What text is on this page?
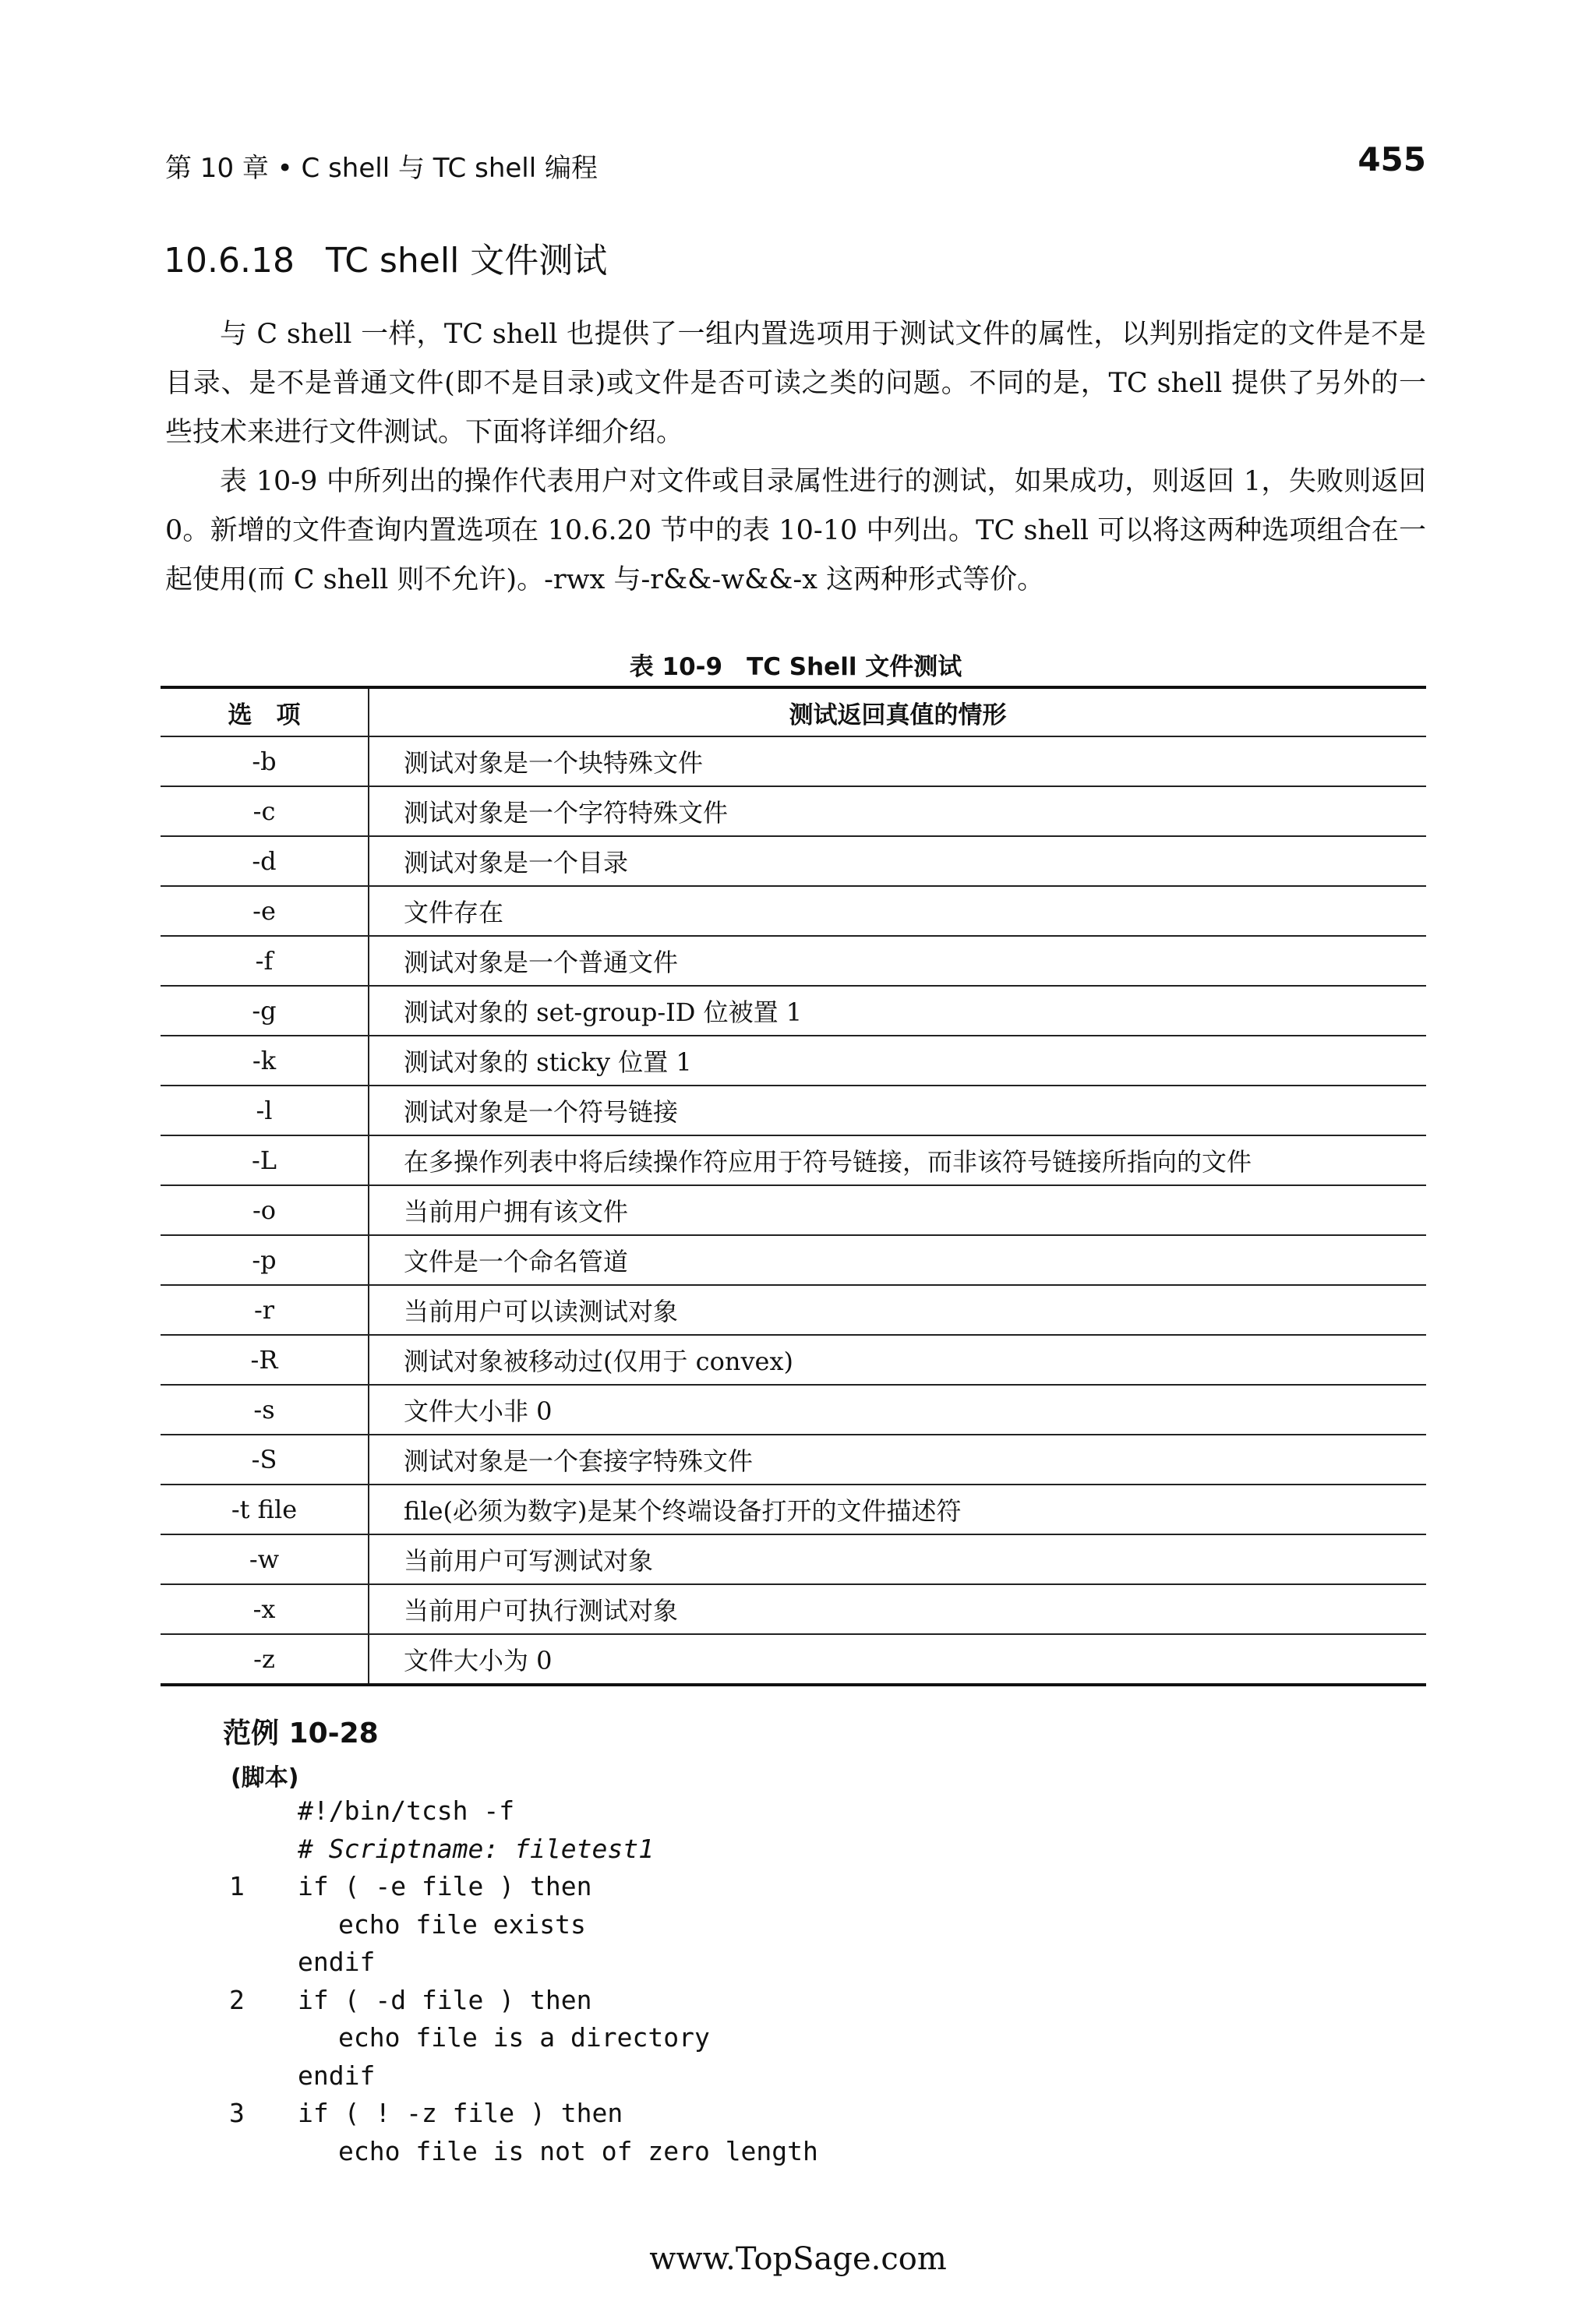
第 10 章 • C shell 与 TC shell 编程	455
10.6.18 TC shell 文件测试

与 C shell 一样，TC shell 也提供了一组内置选项用于测试文件的属性，以判别指定的文件是不是目录、是不是普通文件(即不是目录)或文件是否可读之类的问题。不同的是，TC shell 提供了另外的一些技术来进行文件测试。下面将详细介绍。

表 10-9 中所列出的操作代表用户对文件或目录属性进行的测试，如果成功，则返回 1，失败则返回 0。新增的文件查询内置选项在 10.6.20 节中的表 10-10 中列出。TC shell 可以将这两种选项组合在一起使用(而 C shell 则不允许)。-rwx 与-r&&-w&&-x 这两种形式等价。

表 10-9　TC Shell 文件测试
选　项	测试返回真值的情形
-b	测试对象是一个块特殊文件
-c	测试对象是一个字符特殊文件
-d	测试对象是一个目录
-e	文件存在
-f	测试对象是一个普通文件
-g	测试对象的 set-group-ID 位被置 1
-k	测试对象的 sticky 位置 1
-l	测试对象是一个符号链接
-L	在多操作列表中将后续操作符应用于符号链接，而非该符号链接所指向的文件
-o	当前用户拥有该文件
-p	文件是一个命名管道
-r	当前用户可以读测试对象
-R	测试对象被移动过(仅用于 convex)
-s	文件大小非 0
-S	测试对象是一个套接字特殊文件
-t file	file(必须为数字)是某个终端设备打开的文件描述符
-w	当前用户可写测试对象
-x	当前用户可执行测试对象
-z	文件大小为 0
范例 10-28
(脚本)
#!/bin/tcsh -f
# Scriptname: filetest1
1 if ( -e file ) then
echo file exists
endif
2 if ( -d file ) then
echo file is a directory
endif
3 if ( ! -z file ) then
echo file is not of zero length
www.TopSage.com
